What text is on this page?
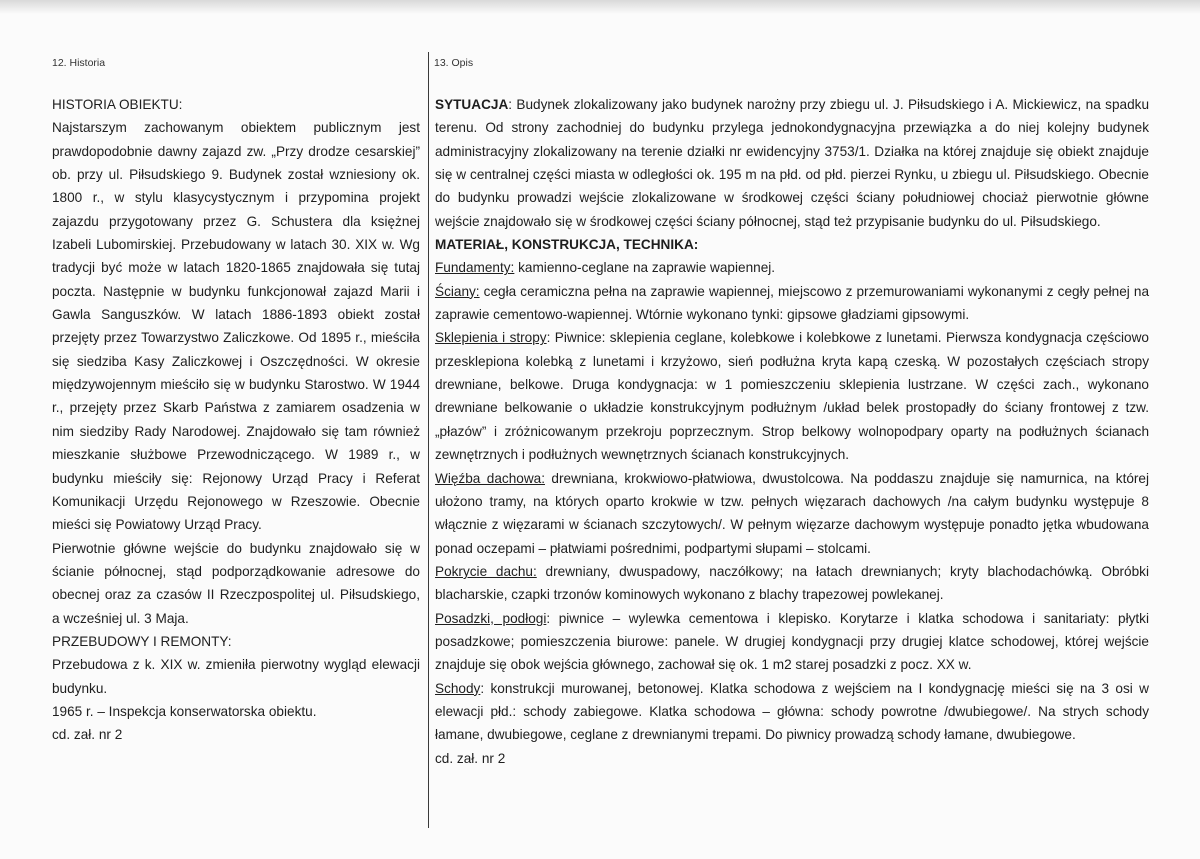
12. Historia	13. Opis

HISTORIA OBIEKTU:

Najstarszym zachowanym obiektem publicznym jest prawdopodobnie dawny zajazd zw. „Przy drodze cesarskiej” ob. przy ul. Piłsudskiego 9. Budynek został wzniesiony ok. 1800 r., w stylu klasycystycznym i przypomina projekt zajazdu przygotowany przez G. Schustera dla księżnej Izabeli Lubomirskiej. Przebudowany w latach 30. XIX w. Wg tradycji być może w latach 1820-1865 znajdowała się tutaj poczta. Następnie w budynku funkcjonował zajazd Marii i Gawla Sanguszków. W latach 1886-1893 obiekt został przejęty przez Towarzystwo Zaliczkowe. Od 1895 r., mieściła się siedziba Kasy Zaliczkowej i Oszczędności. W okresie międzywojennym mieściło się w budynku Starostwo. W 1944 r., przejęty przez Skarb Państwa z zamiarem osadzenia w nim siedziby Rady Narodowej. Znajdowało się tam również mieszkanie służbowe Przewodniczącego. W 1989 r., w budynku mieściły się: Rejonowy Urząd Pracy i Referat Komunikacji Urzędu Rejonowego w Rzeszowie. Obecnie mieści się Powiatowy Urząd Pracy.

Pierwotnie główne wejście do budynku znajdowało się w ścianie północnej, stąd podporządkowanie adresowe do obecnej oraz za czasów II Rzeczpospolitej ul. Piłsudskiego, a wcześniej ul. 3 Maja.

PRZEBUDOWY I REMONTY:

Przebudowa z k. XIX w. zmieniła pierwotny wygląd elewacji budynku.

1965 r. – Inspekcja konserwatorska obiektu.

cd. zał. nr 2

SYTUACJA: Budynek zlokalizowany jako budynek narożny przy zbiegu ul. J. Piłsudskiego i A. Mickiewicz, na spadku terenu. Od strony zachodniej do budynku przylega jednokondygnacyjna przewiązka a do niej kolejny budynek administracyjny zlokalizowany na terenie działki nr ewidencyjny 3753/1. Działka na której znajduje się obiekt znajduje się w centralnej części miasta w odległości ok. 195 m na płd. od płd. pierzei Rynku, u zbiegu ul. Piłsudskiego. Obecnie do budynku prowadzi wejście zlokalizowane w środkowej części ściany południowej chociaż pierwotnie główne wejście znajdowało się w środkowej części ściany północnej, stąd też przypisanie budynku do ul. Piłsudskiego.

MATERIAŁ, KONSTRUKCJA, TECHNIKA:

Fundamenty: kamienno-ceglane na zaprawie wapiennej.

Ściany: cegła ceramiczna pełna na zaprawie wapiennej, miejscowo z przemurowaniami wykonanymi z cegły pełnej na zaprawie cementowo-wapiennej. Wtórnie wykonano tynki: gipsowe gładziami gipsowymi.

Sklepienia i stropy: Piwnice: sklepienia ceglane, kolebkowe i kolebkowe z lunetami. Pierwsza kondygnacja częściowo przesklepiona kolebką z lunetami i krzyżowo, sień podłużna kryta kapą czeską. W pozostałych częściach stropy drewniane, belkowe. Druga kondygnacja: w 1 pomieszczeniu sklepienia lustrzane. W części zach., wykonano drewniane belkowanie o układzie konstrukcyjnym podłużnym /układ belek prostopadły do ściany frontowej z tzw. „płazów” i zróżnicowanym przekroju poprzecznym. Strop belkowy wolnopodpary oparty na podłużnych ścianach zewnętrznych i podłużnych wewnętrznych ścianach konstrukcyjnych.

Więźba dachowa: drewniana, krokwiowo-płatwiowa, dwustolcowa. Na poddaszu znajduje się namurnica, na której ułożono tramy, na których oparto krokwie w tzw. pełnych więzarach dachowych /na całym budynku występuje 8 włącznie z więzarami w ścianach szczytowych/. W pełnym więzarze dachowym występuje ponadto jętka wbudowana ponad oczepami – płatwiami pośrednimi, podpartymi słupami – stolcami.

Pokrycie dachu: drewniany, dwuspadowy, naczółkowy; na łatach drewnianych; kryty blachodachówką. Obróbki blacharskie, czapki trzonów kominowych wykonano z blachy trapezowej powlekanej.

Posadzki, podłogi: piwnice – wylewka cementowa i klepisko. Korytarze i klatka schodowa i sanitariaty: płytki posadzkowe; pomieszczenia biurowe: panele. W drugiej kondygnacji przy drugiej klatce schodowej, której wejście znajduje się obok wejścia głównego, zachował się ok. 1 m2 starej posadzki z pocz. XX w.

Schody: konstrukcji murowanej, betonowej. Klatka schodowa z wejściem na I kondygnację mieści się na 3 osi w elewacji płd.: schody zabiegowe. Klatka schodowa – główna: schody powrotne /dwubiegowe/. Na strych schody łamane, dwubiegowe, ceglane z drewnianymi trepami. Do piwnicy prowadzą schody łamane, dwubiegowe.

cd. zał. nr 2
